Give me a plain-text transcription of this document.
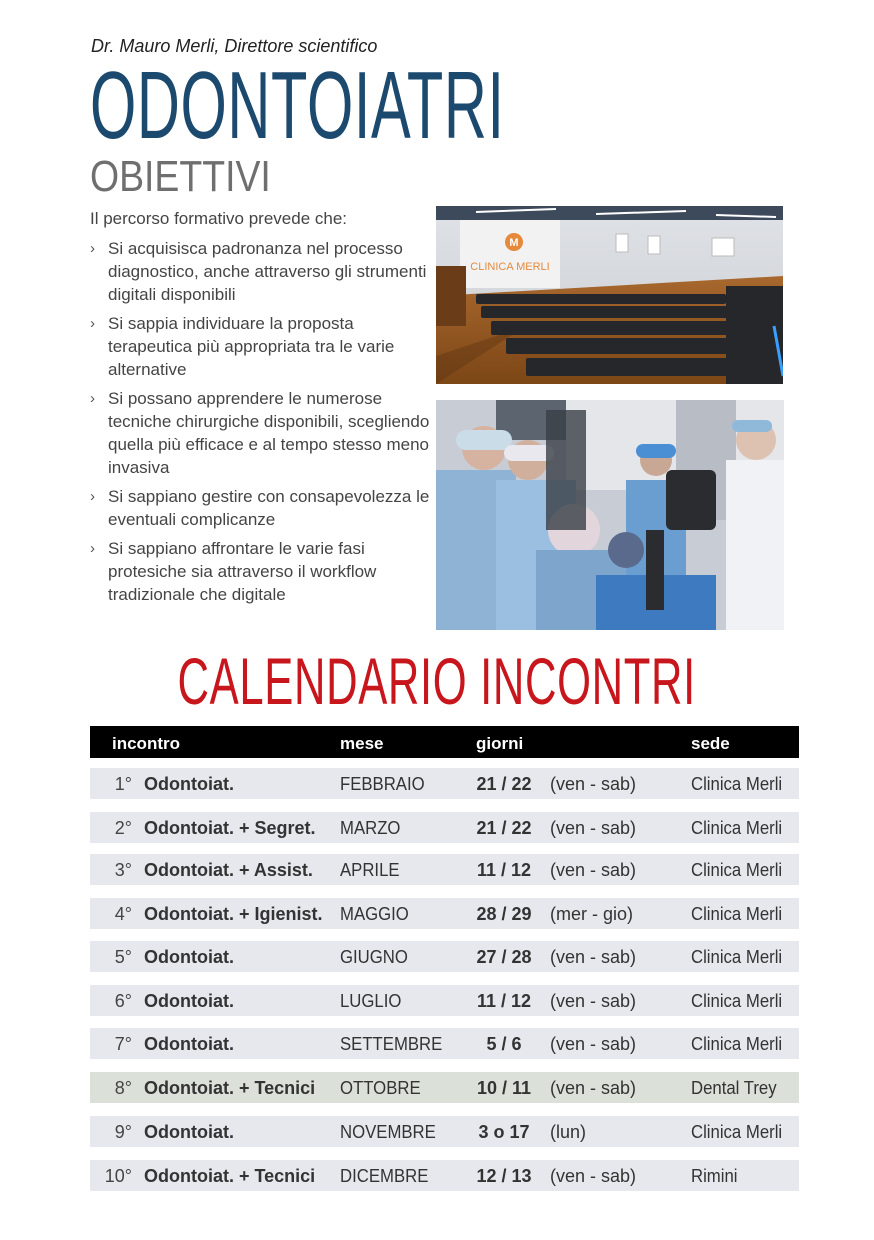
Dr. Mauro Merli, Direttore scientifico
ODONTOIATRI
OBIETTIVI
Il percorso formativo prevede che:
› Si acquisisca padronanza nel processo diagnostico, anche attraverso gli strumenti digitali disponibili
› Si sappia individuare la proposta terapeutica più appropriata tra le varie alternative
› Si possano apprendere le numerose tecniche chirurgiche disponibili, scegliendo quella più efficace e al tempo stesso meno invasiva
› Si sappiano gestire con consapevolezza le eventuali complicanze
› Si sappiano affrontare le varie fasi protesiche sia attraverso il workflow tradizionale che digitale
M
CLINICA MERLI
CALENDARIO INCONTRI
incontro	mese	giorni	sede
1° Odontoiat.	FEBBRAIO	21 / 22 (ven - sab)	Clinica Merli
2° Odontoiat. + Segret. MARZO	21 / 22 (ven - sab)	Clinica Merli
3° Odontoiat. + Assist. APRILE	11 / 12 (ven - sab)	Clinica Merli
4° Odontoiat. + Igienist. MAGGIO	28 / 29 (mer - gio)	Clinica Merli
5° Odontoiat.	GIUGNO	27 / 28 (ven - sab)	Clinica Merli
6° Odontoiat.	LUGLIO	11 / 12 (ven - sab)	Clinica Merli
7° Odontoiat.	SETTEMBRE	5 / 6	(ven - sab)	Clinica Merli
8° Odontoiat. + Tecnici OTTOBRE	10 / 11 (ven - sab)	Dental Trey
9° Odontoiat.	NOVEMBRE 3 o 17 (lun)	Clinica Merli
10° Odontoiat. + Tecnici DICEMBRE	12 / 13 (ven - sab)	Rimini
